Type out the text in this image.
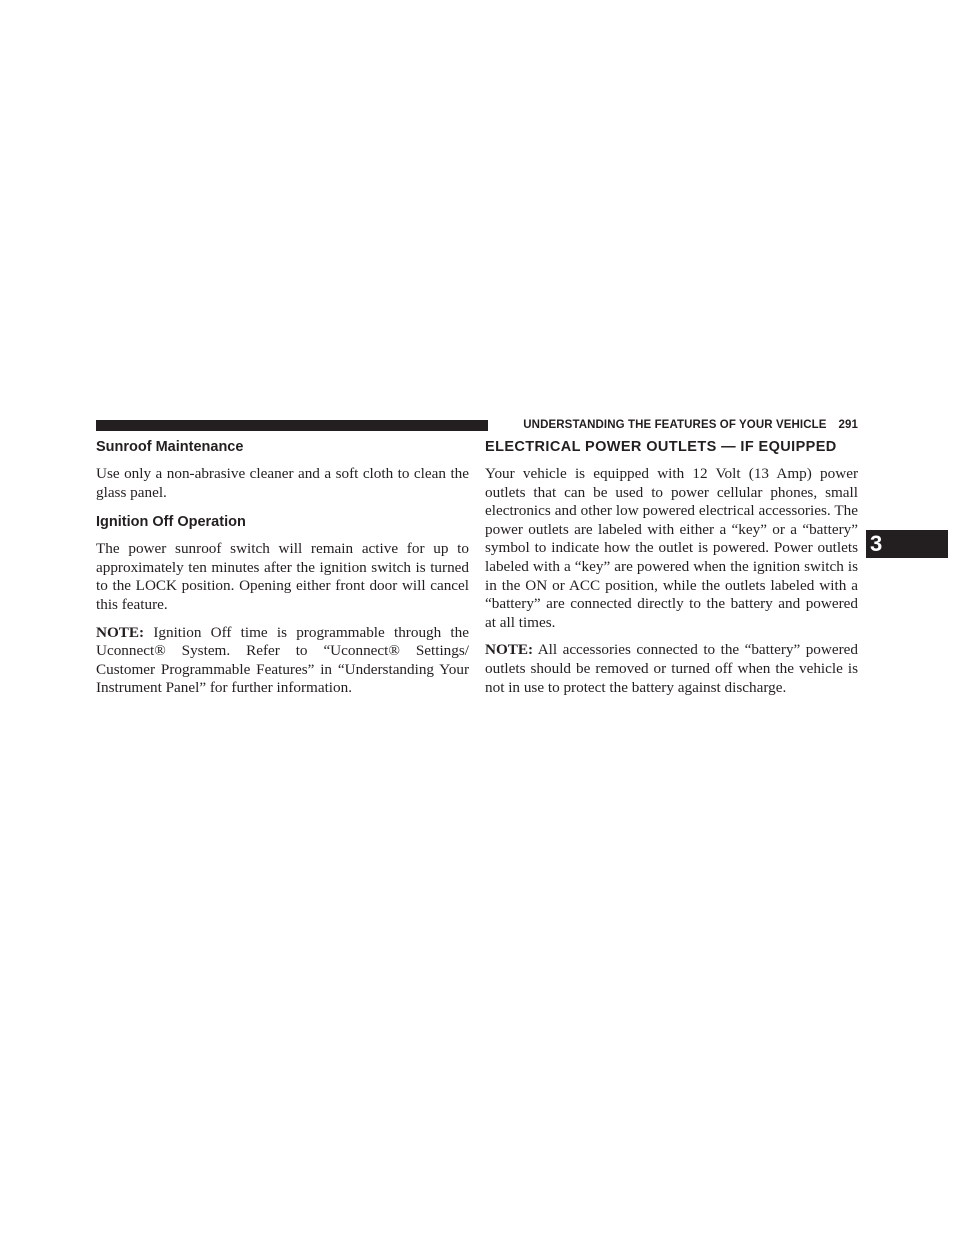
UNDERSTANDING THE FEATURES OF YOUR VEHICLE 291
3
Sunroof Maintenance

Use only a non-abrasive cleaner and a soft cloth to clean the glass panel.

Ignition Off Operation

The power sunroof switch will remain active for up to approximately ten minutes after the ignition switch is turned to the LOCK position. Opening either front door will cancel this feature.

NOTE: Ignition Off time is programmable through the Uconnect® System. Refer to “Uconnect® Settings/ Customer Programmable Features” in “Understanding Your Instrument Panel” for further information.

ELECTRICAL POWER OUTLETS — IF EQUIPPED

Your vehicle is equipped with 12 Volt (13 Amp) power outlets that can be used to power cellular phones, small electronics and other low powered electrical accessories. The power outlets are labeled with either a “key” or a “battery” symbol to indicate how the outlet is powered. Power outlets labeled with a “key” are powered when the ignition switch is in the ON or ACC position, while the outlets labeled with a “battery” are connected directly to the battery and powered at all times.

NOTE: All accessories connected to the “battery” powered outlets should be removed or turned off when the vehicle is not in use to protect the battery against discharge.
